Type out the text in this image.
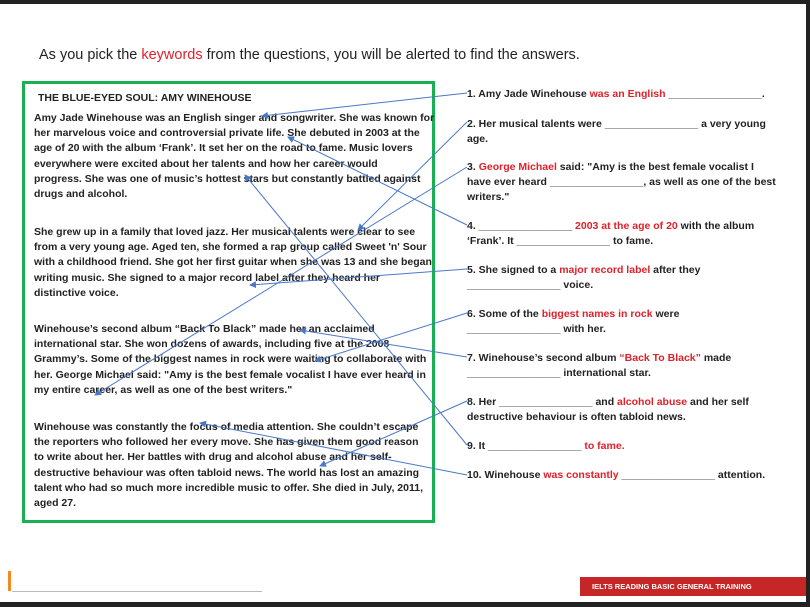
As you pick the keywords from the questions, you will be alerted to find the answers.
THE BLUE-EYED SOUL: AMY WINEHOUSE
Amy Jade Winehouse was an English singer and songwriter. She was known for
her marvelous voice and controversial private life. She debuted in 2003 at the
age of 20 with the album ‘Frank’. It set her on the road to fame. Music lovers
everywhere were excited about her talents and how her career would
progress. She was one of music’s hottest stars but constantly battled against
drugs and alcohol.
She grew up in a family that loved jazz. Her musical talents were clear to see
from a very young age. Aged ten, she formed a rap group called Sweet 'n' Sour
with a childhood friend. She got her first guitar when she was 13 and she began
writing music. She signed to a major record label after they heard her
distinctive voice.
Winehouse’s second album “Back To Black” made her an acclaimed
international star. She won dozens of awards, including five at the 2008
Grammy’s. Some of the biggest names in rock were waiting to collaborate with
her. George Michael said: "Amy is the best female vocalist I have ever heard in
my entire career, as well as one of the best writers."
Winehouse was constantly the focus of media attention. She couldn’t escape
the reporters who followed her every move. She has given them good reason
to write about her. Her battles with drug and alcohol abuse and her self-
destructive behaviour was often tabloid news. The world has lost an amazing
talent who had so much more incredible music to offer. She died in July, 2011,
aged 27.
1. Amy Jade Winehouse was an English ________________.
2. Her musical talents were ________________ a very young
age.
3. George Michael said: "Amy is the best female vocalist I
have ever heard ________________, as well as one of the best
writers."
4. ________________ 2003 at the age of 20 with the album
‘Frank’. It ________________ to fame.
5. She signed to a major record label after they
________________ voice.
6. Some of the biggest names in rock were
________________ with her.
7. Winehouse’s second album “Back To Black” made
________________ international star.
8. Her ________________ and alcohol abuse and her self
destructive behaviour is often tabloid news.
9. It ________________ to fame.
10. Winehouse was constantly ________________ attention.
IELTS READING BASIC GENERAL TRAINING
